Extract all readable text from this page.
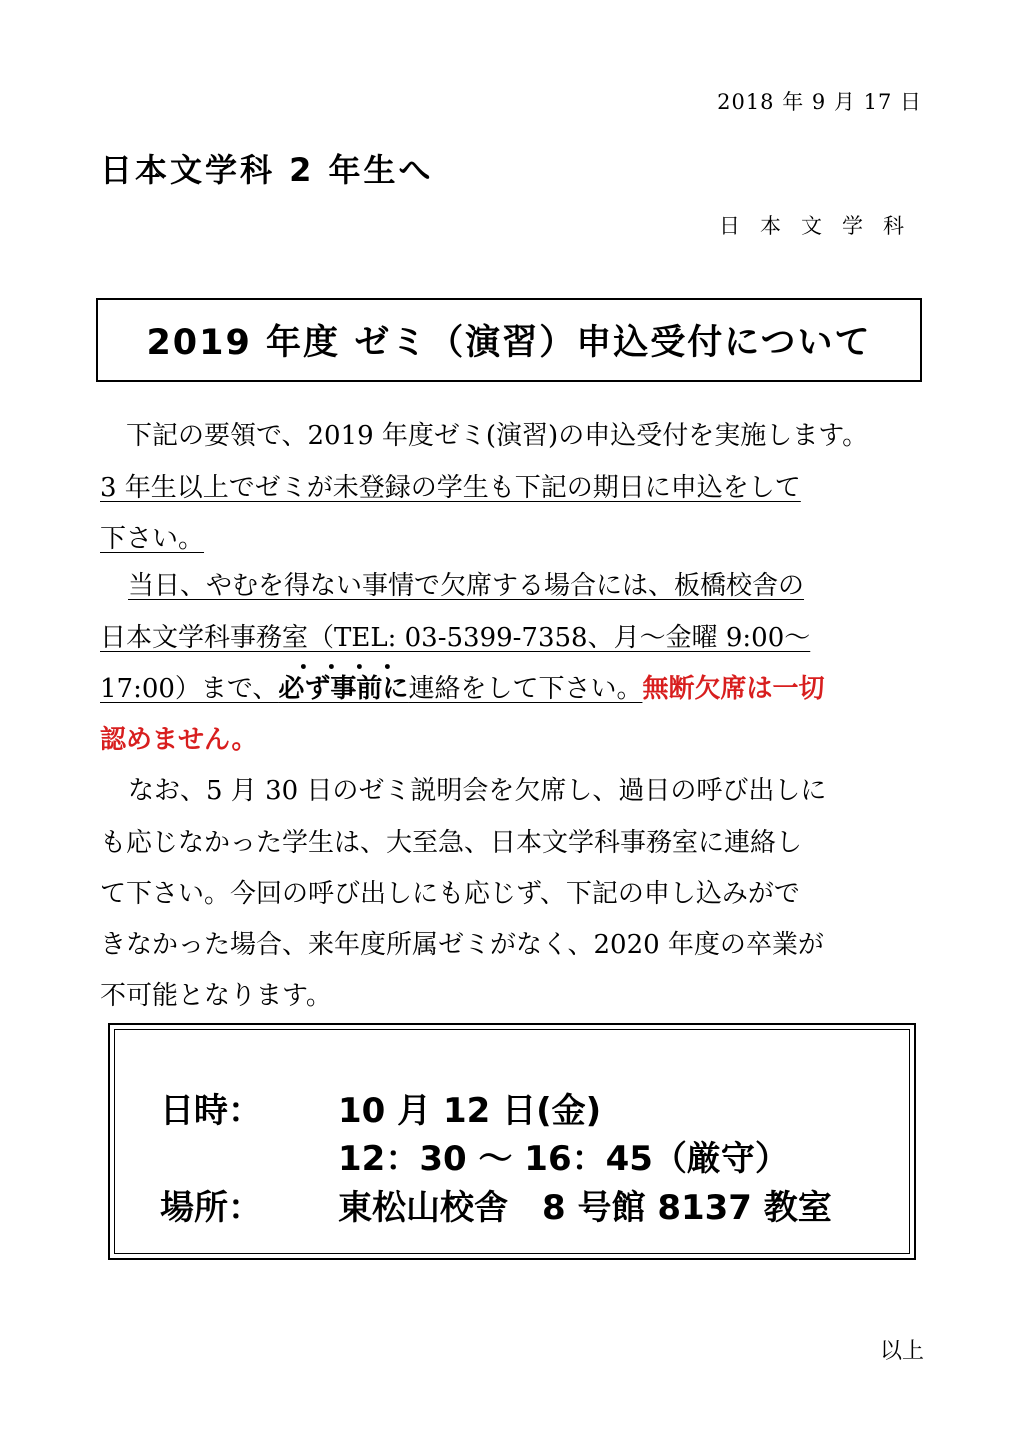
2018 年 9 月 17 日
日本文学科 2 年生へ
日本文学科
2019 年度 ゼミ（演習）申込受付について
下記の要領で、2019 年度ゼミ(演習)の申込受付を実施します。
3 年生以上でゼミが未登録の学生も下記の期日に申込をして
下さい。
当日、やむを得ない事情で欠席する場合には、板橋校舎の
日本文学科事務室（TEL: 03-5399-7358、月～金曜 9:00～
17:00）まで、・・・・ 必ず事前に連絡をして下さい。無断欠席は一切
認めません。
なお、5 月 30 日のゼミ説明会を欠席し、過日の呼び出しに
も応じなかった学生は、大至急、日本文学科事務室に連絡し
て下さい。今回の呼び出しにも応じず、下記の申し込みがで
きなかった場合、来年度所属ゼミがなく、2020 年度の卒業が
不可能となります。
日時： 10 月 12 日(金)
12：30 ～ 16：45（厳守）
場所： 東松山校舎　8 号館 8137 教室
以上
